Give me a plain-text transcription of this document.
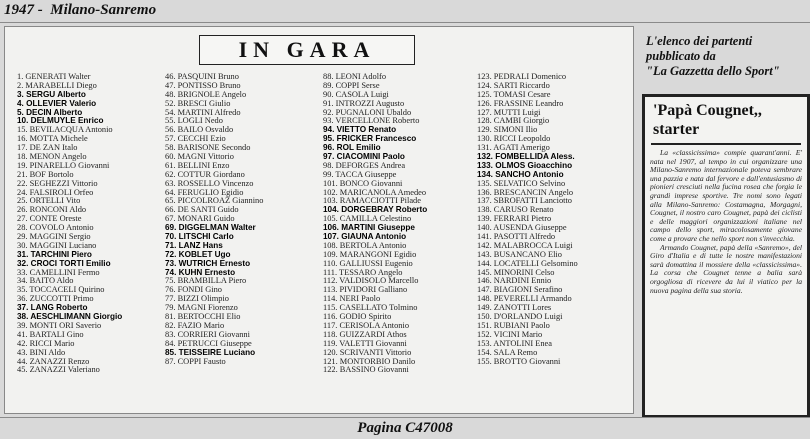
1947 -  Milano-Sanremo
IN GARA
1. GENERATI Walter
2. MARABELLI Diego
3. SERGU Alberto
4. OLLEVIER Valerio
5. DECIN Alberto
10. DELMUYLE Enrico
15. BEVILACQUA Antonio
16. MOTTA Michele
17. DE ZAN Italo
18. MENON Angelo
19. PINARELLO Giovanni
21. BOF Bortolo
22. SEGHEZZI Vittorio
24. FALSIROLI Orfeo
25. ORTELLI Vito
26. RONCONI Aldo
27. CONTE Oreste
28. COVOLO Antonio
29. MAGGINI Sergio
30. MAGGINI Luciano
31. TARCHINI Piero
32. CROCI TORTI Emilio
33. CAMELLINI Fermo
34. BAITO Aldo
35. TOCCACELI Quirino
36. ZUCCOTTI Primo
37. LANG Roberto
38. AESCHLIMANN Giorgio
39. MONTI ORI Saverio
41. BARTALI Gino
42. RICCI Mario
43. BINI Aldo
44. ZANAZZI Renzo
45. ZANAZZI Valeriano
46. PASQUINI Bruno
47. PONTISSO Bruno
48. BRIGNOLE Angelo
52. BRESCI Giulio
54. MARTINI Alfredo
55. LOGLI Nedo
56. BAILO Osvaldo
57. CECCHI Ezio
58. BARISONE Secondo
60. MAGNI Vittorio
61. BELLINI Enzo
62. COTTUR Giordano
63. ROSSELLO Vincenzo
64. FERUGLIO Egidio
65. PICCOLROAZ Giannino
66. DE SANTI Guido
67. MONARI Guido
69. DIGGELMAN Walter
70. LITSCHI Carlo
71. LANZ Hans
72. KOBLET Ugo
73. WUTRICH Ernesto
74. KUHN Ernesto
75. BRAMBILLA Piero
76. FONDI Gino
77. BIZZI Olimpio
79. MAGNI Fiorenzo
81. BERTOCCHI Elio
82. FAZIO Mario
83. CORRIERI Giovanni
84. PETRUCCI Giuseppe
85. TEISSEIRE Luciano
87. COPPI Fausto
88. LEONI Adolfo
89. COPPI Serse
90. CASOLA Luigi
91. INTROZZI Augusto
92. PUGNALONI Ubaldo
93. VERCELLONE Roberto
94. VIETTO Renato
95. FRICKER Francesco
96. ROL Emilio
97. CIACOMINI Paolo
98. DEFORGES Andrea
99. TACCA Giuseppe
101. BONCO Giovanni
102. MARICANOLA Amedeo
103. RAMACCIOTTI Pilade
104. DORGEBRAY Roberto
105. CAMILLA Celestino
106. MARTINI Giuseppe
107. GIAUNA Antonio
108. BERTOLA Antonio
109. MARANGONI Egidio
110. GALLIUSSI Eugenio
111. TESSARO Angelo
112. VALDISOLO Marcello
113. PIVIDORI Galliano
114. NERI Paolo
115. CASELLATO Tolmino
116. GODIO Spirito
117. CERISOLA Antonio
118. GUIZZARDI Athos
119. VALETTI Giovanni
120. SCRIVANTI Vittorio
121. MONTORBIO Danilo
122. BASSINO Giovanni
123. PEDRALI Domenico
124. SARTI Riccardo
125. TOMASI Cesare
126. FRASSINE Leandro
127. MUTTI Luigi
128. CAMBI Giorgio
129. SIMONI Ilio
130. RICCI Leopoldo
131. AGATI Amerigo
132. FOMBELLIDA Aless.
133. OLMOS Gioacchino
134. SANCHO Antonio
135. SELVATICO Selvino
136. BRESCANCIN Angelo
137. SBROFATTI Lanciotto
138. CARUSO Renato
139. FERRARI Pietro
140. AUSENDA Giuseppe
141. PASOTTI Alfredo
142. MALABROCCA Luigi
143. BUSANCANO Elio
144. LOCATELLI Gelsomino
145. MINORINI Celso
146. NARDINI Ennio
147. BIAGIONI Serafino
148. PEVERELLI Armando
149. ZANOTTI Lores
150. D'ORLANDO Luigi
151. RUBIANI Paolo
152. VICINI Mario
153. ANTOLINI Enea
154. SALA Remo
155. BROTTO Giovanni
L'elenco dei partenti
pubblicato da
"La Gazzetta dello Sport"
'Papà Cougnet,, starter

La «classicissima» compie quarant'anni. E' nata nel 1907, al tempo in cui organizzare una Milano-Sanremo internazionale poteva sembrare una pazzia e nata dal fervore e dall'entusiasmo di pionieri cresciuti nella fucina rosea che forgia le grandi imprese sportive. Tre nomi sono legati alla Milano-Sanremo: Costamagna, Morgagni, Cougnet, il nostro caro Cougnet, papà dei ciclisti e delle maggiori organizzazioni italiane nel campo dello sport, miracolosamente giovane come a provare che nello sport non s'invecchia.

Armando Cougnet, papà della «Sanremo», del Giro d'Italia e di tutte le nostre manifestazioni sarà domattina il mossiere della «classicissima». La corsa che Cougnet tenne a balia sarà orgogliosa di ricevere da lui il viatico per la nuova pagina della sua storia.

Pagina C47008
